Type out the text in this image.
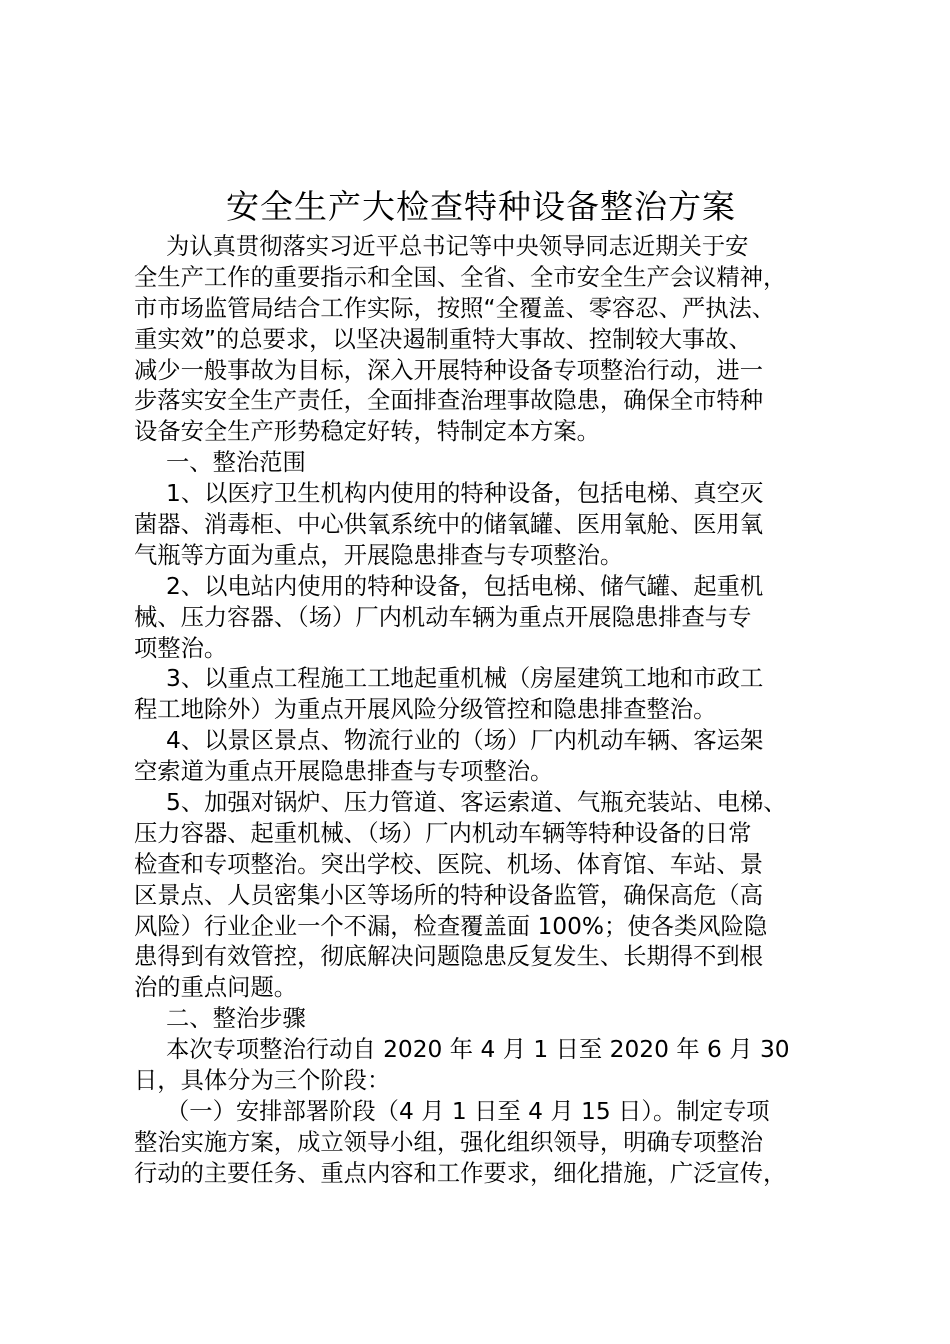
安全生产大检查特种设备整治方案
为认真贯彻落实习近平总书记等中央领导同志近期关于安
全生产工作的重要指示和全国、全省、全市安全生产会议精神，
市市场监管局结合工作实际，按照“全覆盖、零容忍、严执法、
重实效”的总要求，以坚决遏制重特大事故、控制较大事故、
减少一般事故为目标，深入开展特种设备专项整治行动，进一
步落实安全生产责任，全面排查治理事故隐患，确保全市特种
设备安全生产形势稳定好转，特制定本方案。
一、整治范围
1、以医疗卫生机构内使用的特种设备，包括电梯、真空灭
菌器、消毒柜、中心供氧系统中的储氧罐、医用氧舱、医用氧
气瓶等方面为重点，开展隐患排查与专项整治。
2、以电站内使用的特种设备，包括电梯、储气罐、起重机
械、压力容器、（场）厂内机动车辆为重点开展隐患排查与专
项整治。
3、以重点工程施工工地起重机械（房屋建筑工地和市政工
程工地除外）为重点开展风险分级管控和隐患排查整治。
4、以景区景点、物流行业的（场）厂内机动车辆、客运架
空索道为重点开展隐患排查与专项整治。
5、加强对锅炉、压力管道、客运索道、气瓶充装站、电梯、
压力容器、起重机械、（场）厂内机动车辆等特种设备的日常
检查和专项整治。突出学校、医院、机场、体育馆、车站、景
区景点、人员密集小区等场所的特种设备监管，确保高危（高
风险）行业企业一个不漏，检查覆盖面 100%；使各类风险隐
患得到有效管控，彻底解决问题隐患反复发生、长期得不到根
治的重点问题。
二、整治步骤
本次专项整治行动自 2020 年 4 月 1 日至 2020 年 6 月 30
日，具体分为三个阶段：
（一）安排部署阶段（4 月 1 日至 4 月 15 日）。制定专项
整治实施方案，成立领导小组，强化组织领导，明确专项整治
行动的主要任务、重点内容和工作要求，细化措施，广泛宣传，
